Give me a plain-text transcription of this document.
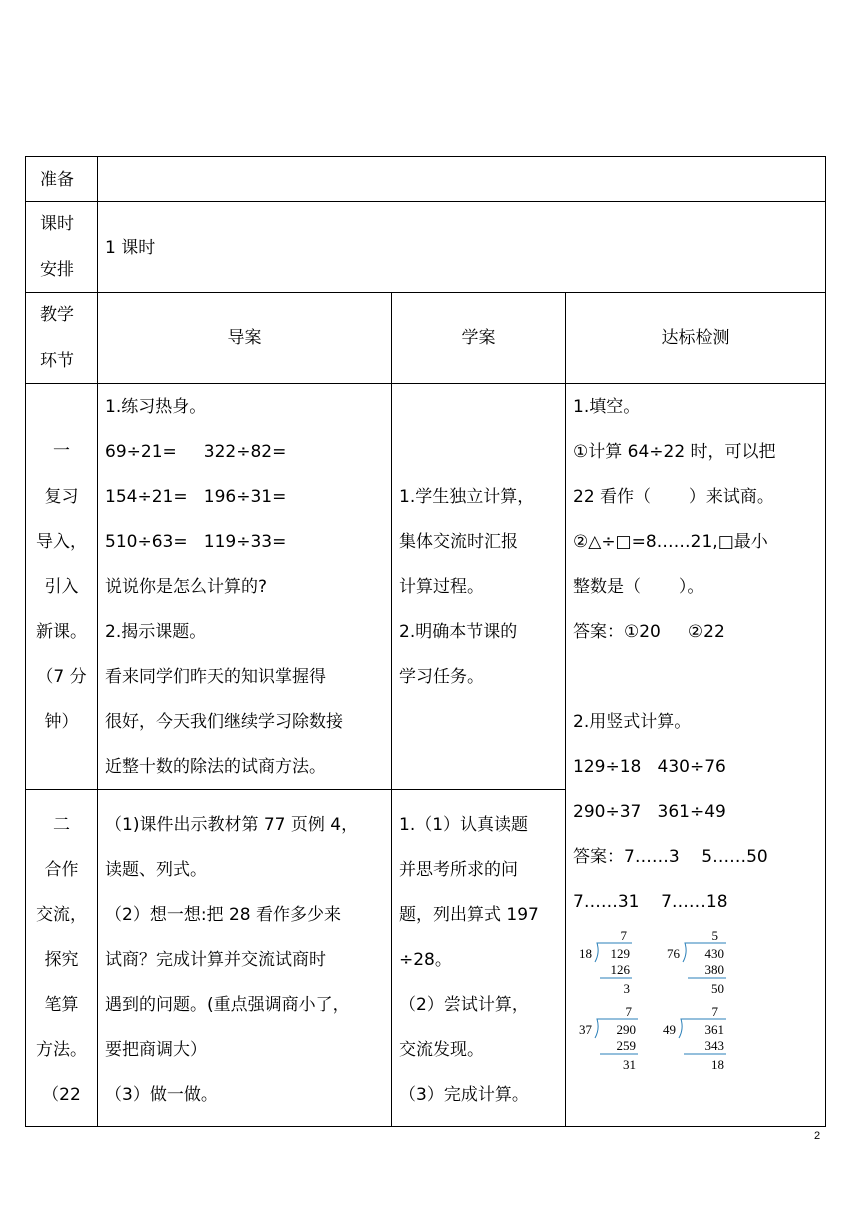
准备
课时
安排
1 课时
教学
环节
导案	学案	达标检测
一
复习
导入，
引入
新课。
（7 分
钟）
1.练习热身。
69÷21=     322÷82=
154÷21=   196÷31=
510÷63=   119÷33=
说说你是怎么计算的?
2.揭示课题。
看来同学们昨天的知识掌握得
很好，今天我们继续学习除数接
近整十数的除法的试商方法。
1.学生独立计算，
集体交流时汇报
计算过程。
2.明确本节课的
学习任务。
二
合作
交流，
探究
笔算
方法。
（22
（1)课件出示教材第 77 页例 4，
读题、列式。
（2）想一想:把 28 看作多少来
试商？完成计算并交流试商时
遇到的问题。(重点强调商小了，
要把商调大）
（3）做一做。
1.（1）认真读题
并思考所求的问
题，列出算式 197
÷28。
（2）尝试计算，
交流发现。
（3）完成计算。
1.填空。
①计算 64÷22 时，可以把
22 看作（       ）来试商。
②△÷□=8……21,□最小
整数是（       ）。
答案：①20     ②22
2.用竖式计算。
129÷18   430÷76
290÷37   361÷49
答案：7……3    5……50
7……31    7……18
7
18 129
126
3
5
76 430
380
50
7
37 290
259
31
7
49 361
343
18
2
